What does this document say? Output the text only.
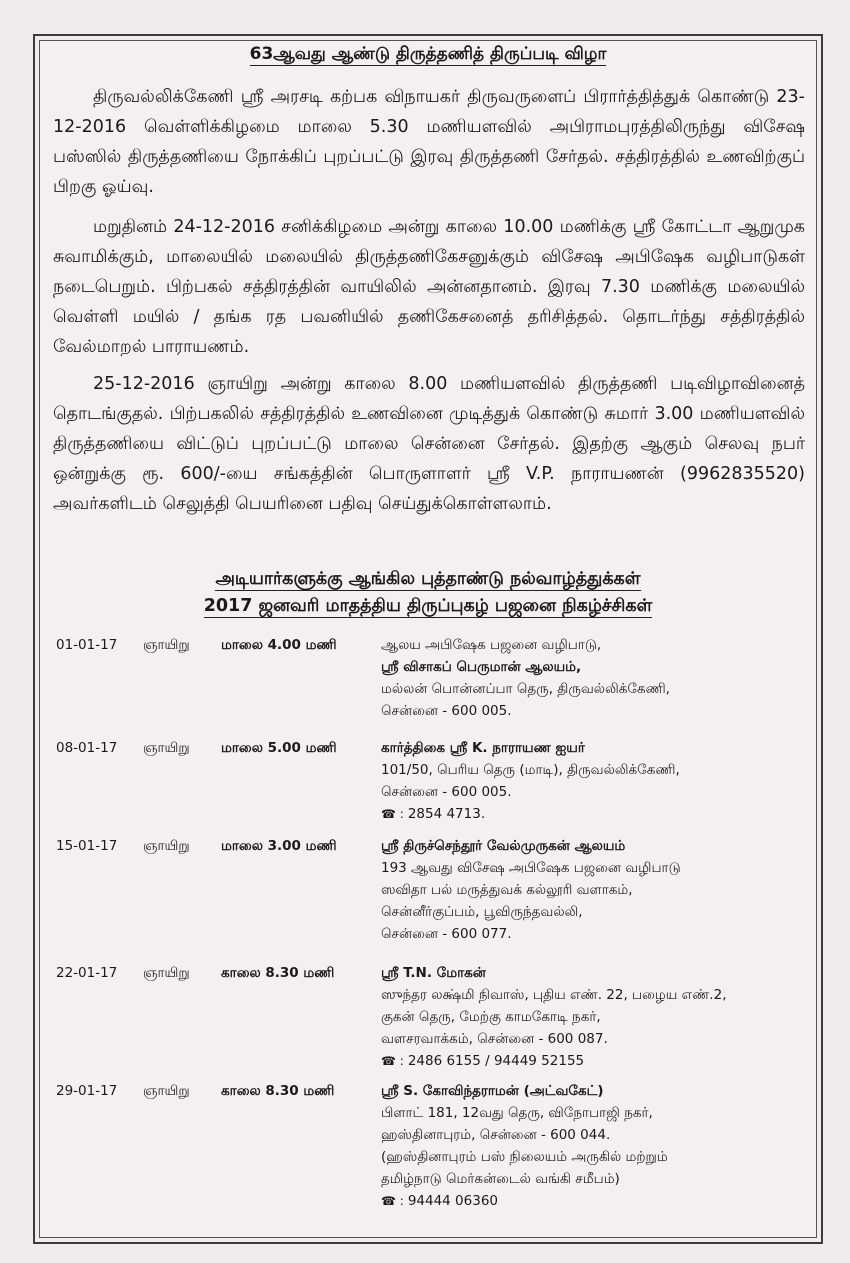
63ஆவது ஆண்டு திருத்தணித் திருப்படி விழா
திருவல்லிக்கேணி ஸ்ரீ அரசடி கற்பக விநாயகர் திருவருளைப் பிரார்த்தித்துக் கொண்டு 23-12-2016 வெள்ளிக்கிழமை மாலை 5.30 மணியளவில் அபிராமபுரத்திலிருந்து விசேஷ பஸ்ஸில் திருத்தணியை நோக்கிப் புறப்பட்டு இரவு திருத்தணி சேர்தல். சத்திரத்தில் உணவிற்குப் பிறகு ஓய்வு.
மறுதினம் 24-12-2016 சனிக்கிழமை அன்று காலை 10.00 மணிக்கு ஸ்ரீ கோட்டா ஆறுமுக சுவாமிக்கும், மாலையில் மலையில் திருத்தணிகேசனுக்கும் விசேஷ அபிஷேக வழிபாடுகள் நடைபெறும். பிற்பகல் சத்திரத்தின் வாயிலில் அன்னதானம். இரவு 7.30 மணிக்கு மலையில் வெள்ளி மயில் / தங்க ரத பவனியில் தணிகேசனைத் தரிசித்தல். தொடர்ந்து சத்திரத்தில் வேல்மாறல் பாராயணம்.
25-12-2016 ஞாயிறு அன்று காலை 8.00 மணியளவில் திருத்தணி படிவிழாவினைத் தொடங்குதல். பிற்பகலில் சத்திரத்தில் உணவினை முடித்துக் கொண்டு சுமார் 3.00 மணியளவில் திருத்தணியை விட்டுப் புறப்பட்டு மாலை சென்னை சேர்தல். இதற்கு ஆகும் செலவு நபர் ஒன்றுக்கு ரூ. 600/-யை சங்கத்தின் பொருளாளர் ஸ்ரீ V.P. நாராயணன் (9962835520) அவர்களிடம் செலுத்தி பெயரினை பதிவு செய்துக்கொள்ளலாம்.
அடியார்களுக்கு ஆங்கில புத்தாண்டு நல்வாழ்த்துக்கள்
2017 ஜனவரி மாதத்திய திருப்புகழ் பஜனை நிகழ்ச்சிகள்
01-01-17 ஞாயிறு மாலை 4.00 மணி	ஆலய அபிஷேக பஜனை வழிபாடு,
ஸ்ரீ விசாகப் பெருமான் ஆலயம்,
மல்லன் பொன்னப்பா தெரு, திருவல்லிக்கேணி,
சென்னை - 600 005.
08-01-17 ஞாயிறு மாலை 5.00 மணி	கார்த்திகை ஸ்ரீ K. நாராயண ஐயர்
101/50, பெரிய தெரு (மாடி), திருவல்லிக்கேணி,
சென்னை - 600 005.
☎ : 2854 4713.
15-01-17 ஞாயிறு மாலை 3.00 மணி	ஸ்ரீ திருச்செந்தூர் வேல்முருகன் ஆலயம்
193 ஆவது விசேஷ அபிஷேக பஜனை வழிபாடு
ஸவிதா பல் மருத்துவக் கல்லூரி வளாகம்,
சென்னீர்குப்பம், பூவிருந்தவல்லி,
சென்னை - 600 077.
22-01-17 ஞாயிறு காலை 8.30 மணி	ஸ்ரீ T.N. மோகன்
ஸுந்தர லக்ஷ்மி நிவாஸ், புதிய எண். 22, பழைய எண்.2,
குகன் தெரு, மேற்கு காமகோடி நகர்,
வளசரவாக்கம், சென்னை - 600 087.
☎ : 2486 6155 / 94449 52155
29-01-17 ஞாயிறு காலை 8.30 மணி	ஸ்ரீ S. கோவிந்தராமன் (அட்வகேட்)
பிளாட் 181, 12வது தெரு, விநோபாஜி நகர்,
ஹஸ்தினாபுரம், சென்னை - 600 044.
(ஹஸ்தினாபுரம் பஸ் நிலையம் அருகில் மற்றும்
தமிழ்நாடு மெர்கன்டைல் வங்கி சமீபம்)
☎ : 94444 06360
